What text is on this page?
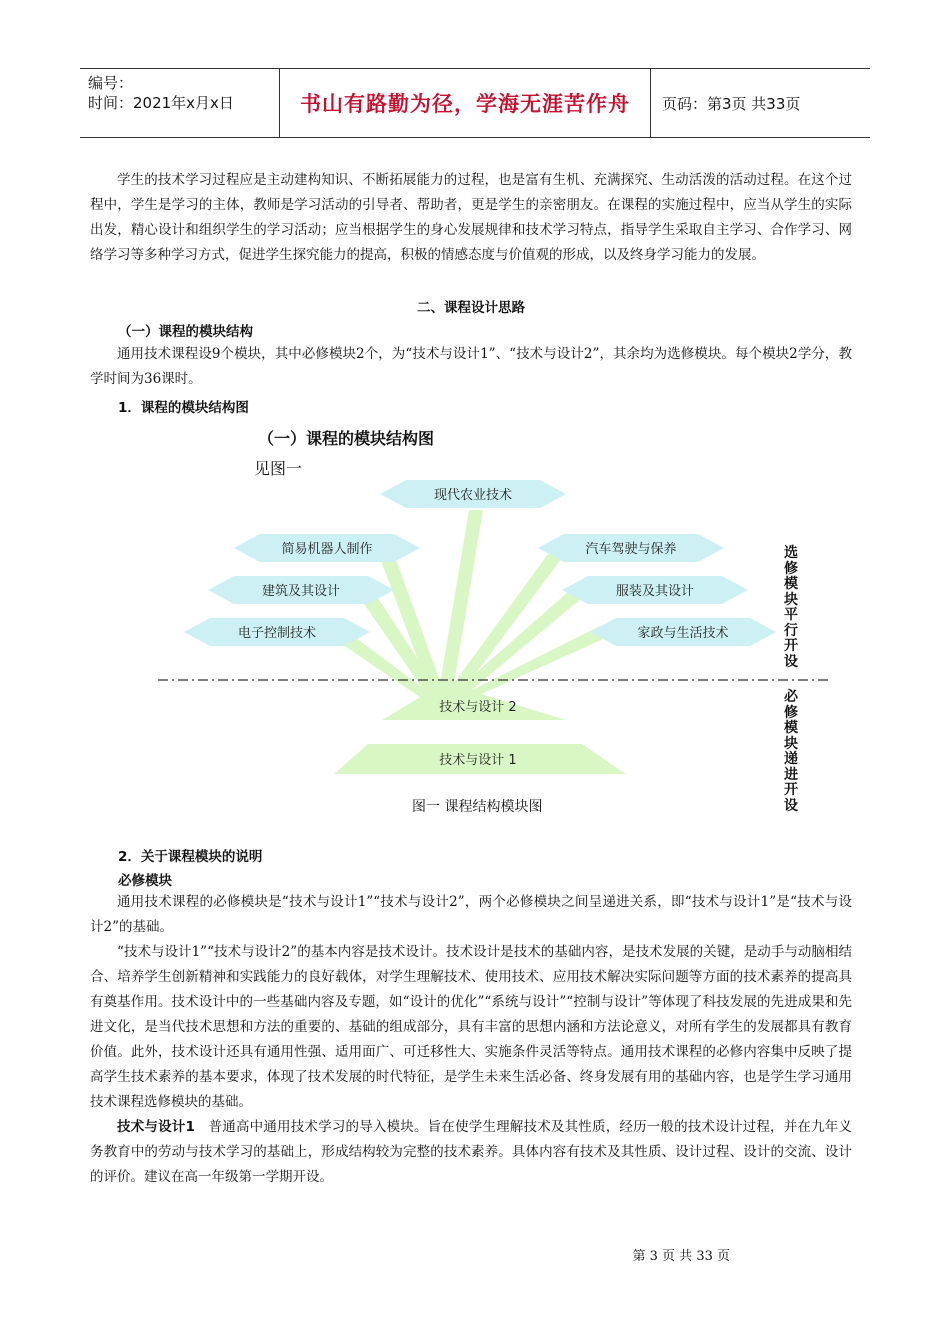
编号：
时间：2021年x月x日	书山有路勤为径，学海无涯苦作舟 页码：第3页 共33页

学生的技术学习过程应是主动建构知识、不断拓展能力的过程，也是富有生机、充满探究、生动活泼的活动过程。在这个过程中，学生是学习的主体，教师是学习活动的引导者、帮助者，更是学生的亲密朋友。在课程的实施过程中，应当从学生的实际出发，精心设计和组织学生的学习活动；应当根据学生的身心发展规律和技术学习特点，指导学生采取自主学习、合作学习、网络学习等多种学习方式，促进学生探究能力的提高，积极的情感态度与价值观的形成，以及终身学习能力的发展。

二、课程设计思路
（一）课程的模块结构

通用技术课程设9个模块，其中必修模块2个，为“技术与设计1”、“技术与设计2”，其余均为选修模块。每个模块2学分，教学时间为36课时。

1．课程的模块结构图
（一）课程的模块结构图
见图一
现代农业技术
简易机器人制作	汽车驾驶与保养
建筑及其设计	服装及其设计
电子控制技术	家政与生活技术
技术与设计 2
技术与设计 1
选修模块平行开设
必修模块递进开设
图一 课程结构模块图
2．关于课程模块的说明
必修模块

通用技术课程的必修模块是“技术与设计1”“技术与设计2”，两个必修模块之间呈递进关系，即“技术与设计1”是“技术与设计2”的基础。

“技术与设计1”“技术与设计2”的基本内容是技术设计。技术设计是技术的基础内容，是技术发展的关键，是动手与动脑相结合、培养学生创新精神和实践能力的良好载体，对学生理解技术、使用技术、应用技术解决实际问题等方面的技术素养的提高具有奠基作用。技术设计中的一些基础内容及专题，如“设计的优化”“系统与设计”“控制与设计”等体现了科技发展的先进成果和先进文化，是当代技术思想和方法的重要的、基础的组成部分，具有丰富的思想内涵和方法论意义，对所有学生的发展都具有教育价值。此外，技术设计还具有通用性强、适用面广、可迁移性大、实施条件灵活等特点。通用技术课程的必修内容集中反映了提高学生技术素养的基本要求，体现了技术发展的时代特征，是学生未来生活必备、终身发展有用的基础内容，也是学生学习通用技术课程选修模块的基础。

技术与设计1  普通高中通用技术学习的导入模块。旨在使学生理解技术及其性质，经历一般的技术设计过程，并在九年义务教育中的劳动与技术学习的基础上，形成结构较为完整的技术素养。具体内容有技术及其性质、设计过程、设计的交流、设计的评价。建议在高一年级第一学期开设。

第 3 页 共 33 页
